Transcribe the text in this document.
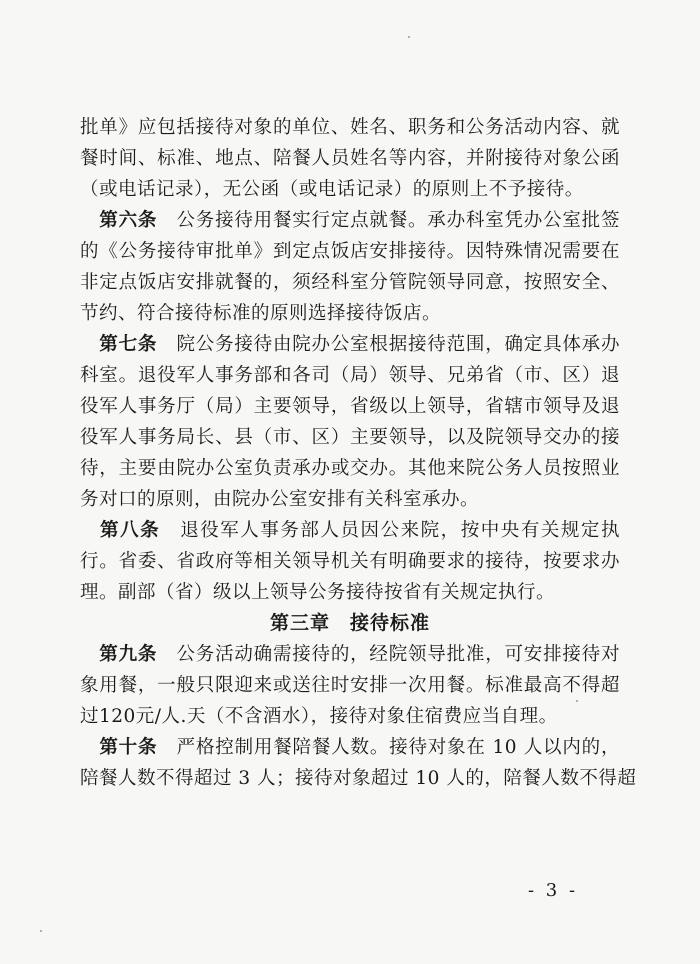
批单》应包括接待对象的单位、姓名、职务和公务活动内容、就
餐时间、标准、地点、陪餐人员姓名等内容，并附接待对象公函
（或电话记录），无公函（或电话记录）的原则上不予接待。
　第六条　 公务接待用餐实行定点就餐。承办科室凭办公室批签
的《公务接待审批单》到定点饭店安排接待。因特殊情况需要在
非定点饭店安排就餐的，须经科室分管院领导同意，按照安全、
节约、符合接待标准的原则选择接待饭店。
　第七条　 院公务接待由院办公室根据接待范围，确定具体承办
科室。退役军人事务部和各司（局）领导、兄弟省（市、区）退
役军人事务厅（局）主要领导，省级以上领导，省辖市领导及退
役军人事务局长、县（市、区）主要领导，以及院领导交办的接
待，主要由院办公室负责承办或交办。其他来院公务人员按照业
务对口的原则，由院办公室安排有关科室承办。
　第八条　 退役军人事务部人员因公来院，按中央有关规定执
行。省委、省政府等相关领导机关有明确要求的接待，按要求办
理。副部（省）级以上领导公务接待按省有关规定执行。
第三章　接待标准
　第九条　 公务活动确需接待的，经院领导批准，可安排接待对
象用餐，一般只限迎来或送往时安排一次用餐。标准最高不得超
过120元/人.天（不含酒水），接待对象住宿费应当自理。
　第十条　 严格控制用餐陪餐人数。接待对象在 10 人以内的，
陪餐人数不得超过 3 人；接待对象超过 10 人的，陪餐人数不得超
- 3 -
